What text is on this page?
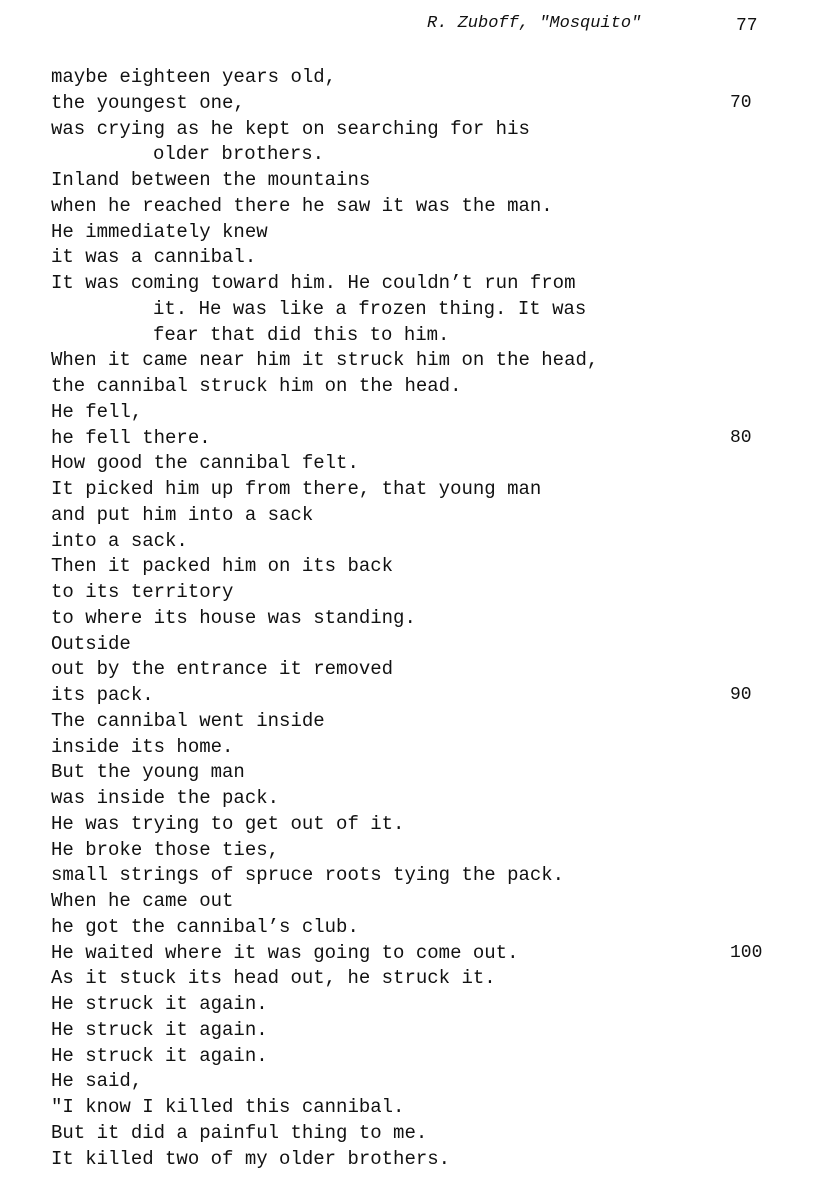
R. Zuboff, "Mosquito"	77
maybe eighteen years old,
the youngest one,	70
was crying as he kept on searching for his
older brothers.
Inland between the mountains
when he reached there he saw it was the man.
He immediately knew
it was a cannibal.
It was coming toward him. He couldn’t run from
it. He was like a frozen thing. It was
fear that did this to him.
When it came near him it struck him on the head,
the cannibal struck him on the head.
He fell,
he fell there.	80
How good the cannibal felt.
It picked him up from there, that young man
and put him into a sack
into a sack.
Then it packed him on its back
to its territory
to where its house was standing.
Outside
out by the entrance it removed
its pack.	90
The cannibal went inside
inside its home.
But the young man
was inside the pack.
He was trying to get out of it.
He broke those ties,
small strings of spruce roots tying the pack.
When he came out
he got the cannibal’s club.
He waited where it was going to come out.	100
As it stuck its head out, he struck it.
He struck it again.
He struck it again.
He struck it again.
He said,
"I know I killed this cannibal.
But it did a painful thing to me.
It killed two of my older brothers.
